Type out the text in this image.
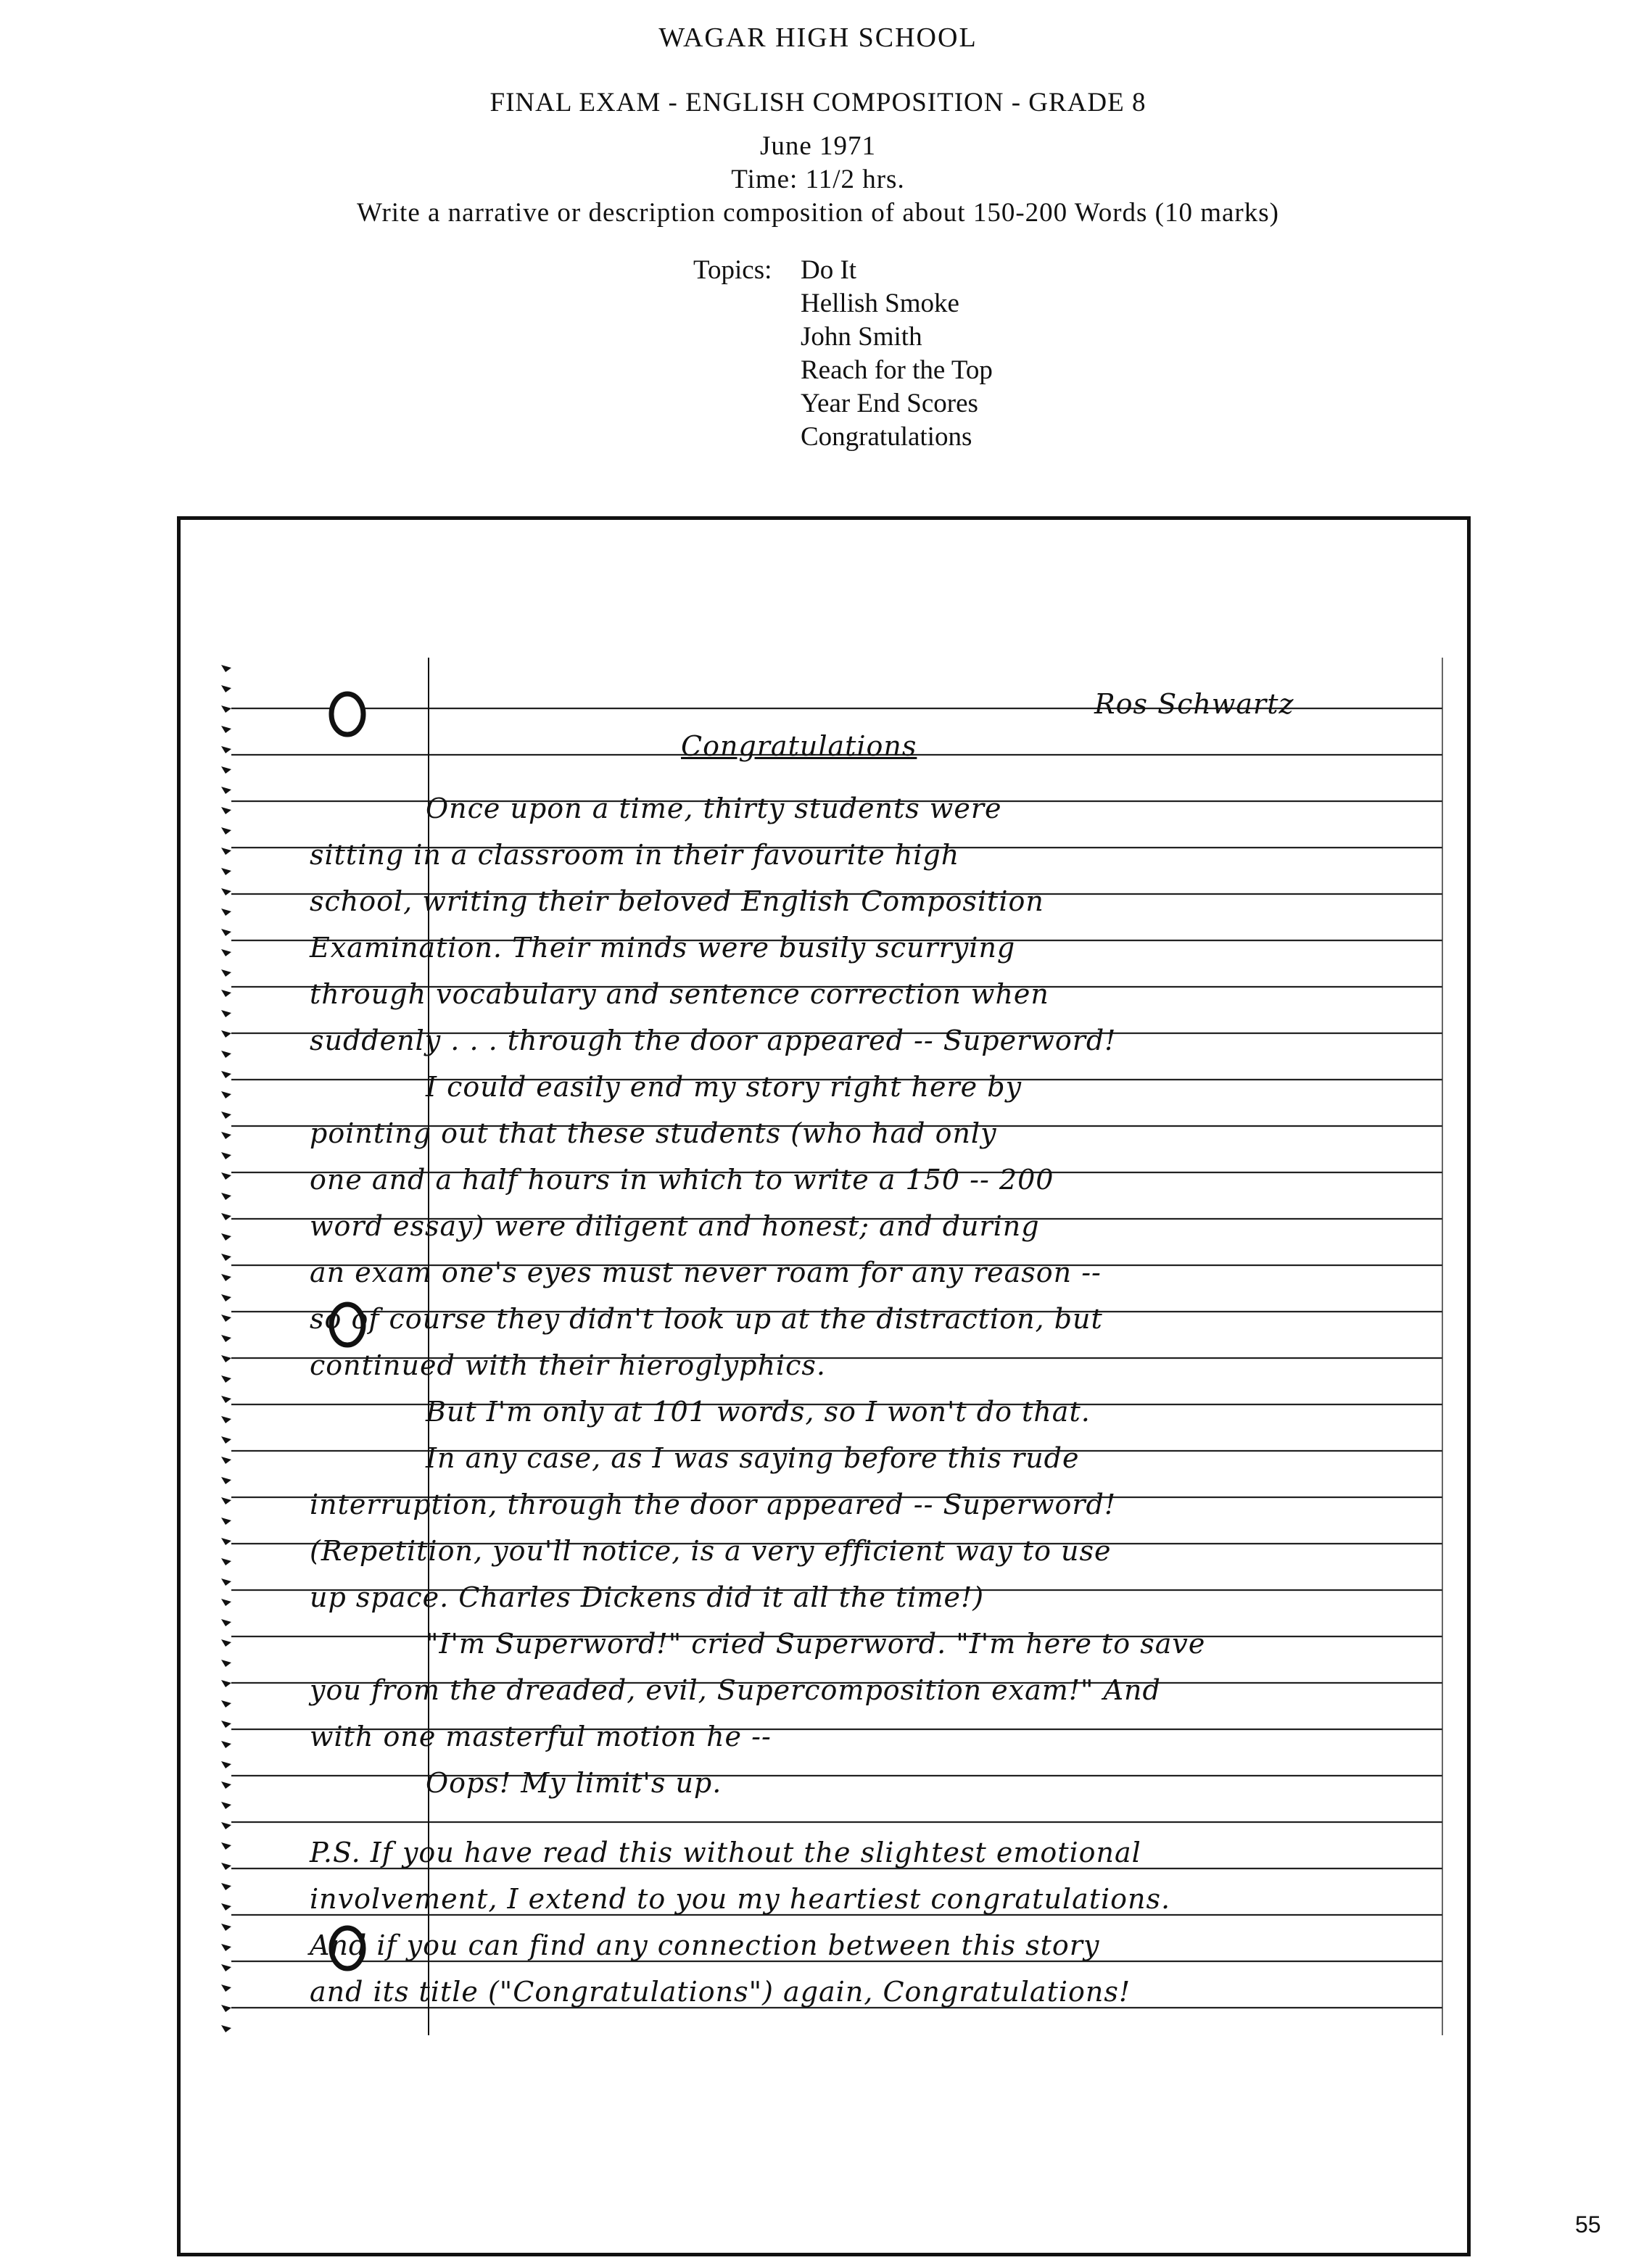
WAGAR HIGH SCHOOL
FINAL EXAM - ENGLISH COMPOSITION - GRADE 8
June 1971
Time: 11/2 hrs.
Write a narrative or description composition of about 150-200 Words (10 marks)
Topics: Do It
Hellish Smoke
John Smith
Reach for the Top
Year End Scores
Congratulations
Ros Schwartz
Congratulations
Once upon a time, thirty students were
sitting in a classroom in their favourite high
school, writing their beloved English Composition
Examination. Their minds were busily scurrying
through vocabulary and sentence correction when
suddenly . . . through the door appeared -- Superword!
I could easily end my story right here by
pointing out that these students (who had only
one and a half hours in which to write a 150 -- 200
word essay) were diligent and honest; and during
an exam one's eyes must never roam for any reason --
so of course they didn't look up at the distraction, but
continued with their hieroglyphics.
But I'm only at 101 words, so I won't do that.
In any case, as I was saying before this rude
interruption, through the door appeared -- Superword!
(Repetition, you'll notice, is a very efficient way to use
up space. Charles Dickens did it all the time!)
"I'm Superword!" cried Superword. "I'm here to save
you from the dreaded, evil, Supercomposition exam!" And
with one masterful motion he --
Oops! My limit's up.
P.S. If you have read this without the slightest emotional
involvement, I extend to you my heartiest congratulations.
And if you can find any connection between this story
and its title ("Congratulations") again, Congratulations!
55
